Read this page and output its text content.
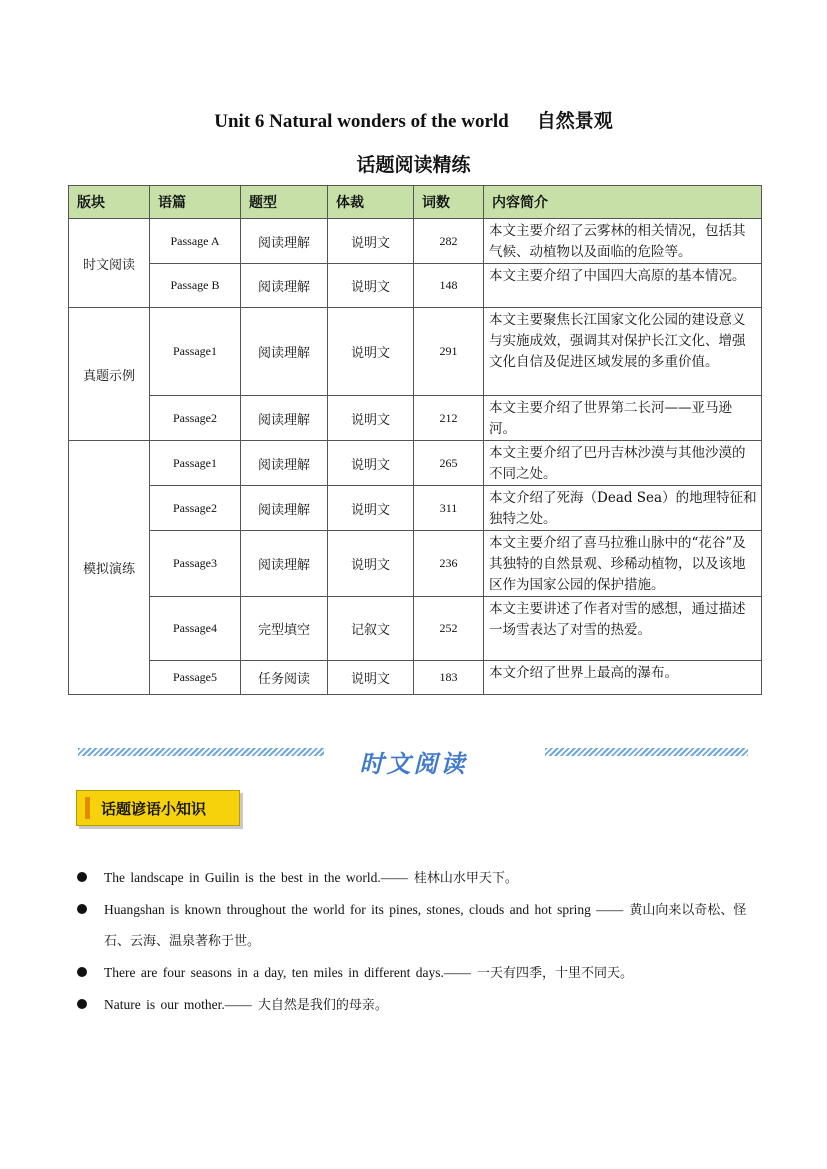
Unit 6 Natural wonders of the world 自然景观
话题阅读精练
版块	语篇	题型	体裁	词数	内容简介
时文阅读	Passage A	阅读理解	说明文	282	本文主要介绍了云雾林的相关情况，包括其气候、动植物以及面临的危险等。
	Passage B	阅读理解	说明文	148	本文主要介绍了中国四大高原的基本情况。
真题示例	Passage1	阅读理解	说明文	291	本文主要聚焦长江国家文化公园的建设意义与实施成效，强调其对保护长江文化、增强文化自信及促进区域发展的多重价值。
	Passage2	阅读理解	说明文	212	本文主要介绍了世界第二长河——亚马逊河。
模拟演练	Passage1	阅读理解	说明文	265	本文主要介绍了巴丹吉林沙漠与其他沙漠的不同之处。
	Passage2	阅读理解	说明文	311	本文介绍了死海（Dead Sea）的地理特征和独特之处。
	Passage3	阅读理解	说明文	236	本文主要介绍了喜马拉雅山脉中的“花谷”及其独特的自然景观、珍稀动植物，以及该地区作为国家公园的保护措施。
	Passage4	完型填空	记叙文	252	本文主要讲述了作者对雪的感想，通过描述一场雪表达了对雪的热爱。
	Passage5	任务阅读	说明文	183	本文介绍了世界上最高的瀑布。
时文阅读
话题谚语小知识
The landscape in Guilin is the best in the world.—— 桂林山水甲天下。
Huangshan is known throughout the world for its pines, stones, clouds and hot spring —— 黄山向来以奇松、怪石、云海、温泉著称于世。
There are four seasons in a day, ten miles in different days.—— 一天有四季，十里不同天。
Nature is our mother.—— 大自然是我们的母亲。
